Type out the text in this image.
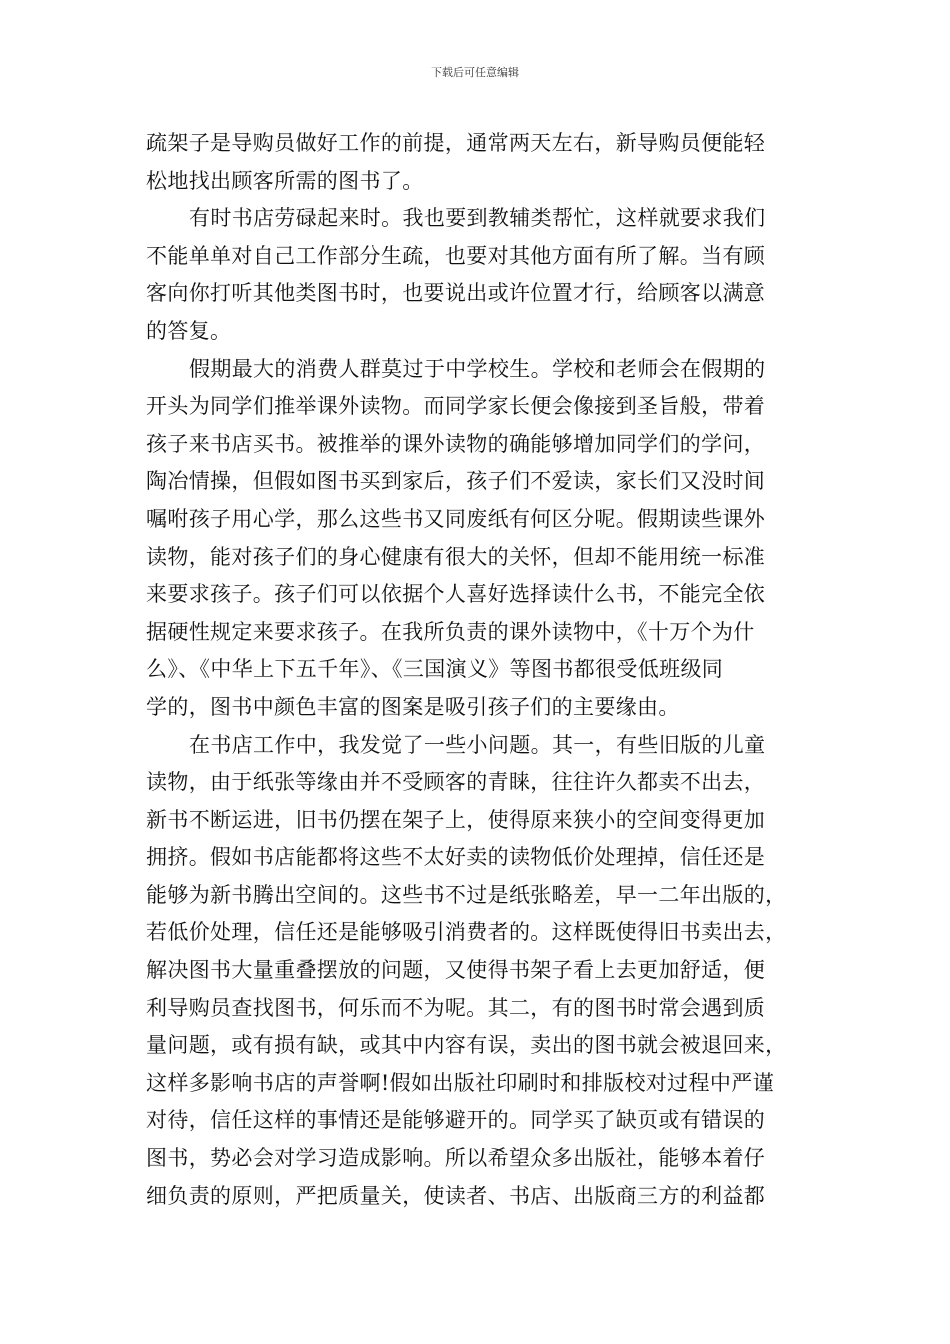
下载后可任意编辑
疏架子是导购员做好工作的前提，通常两天左右，新导购员便能轻
松地找出顾客所需的图书了。
有时书店劳碌起来时。我也要到教辅类帮忙，这样就要求我们
不能单单对自己工作部分生疏，也要对其他方面有所了解。当有顾
客向你打听其他类图书时，也要说出或许位置才行，给顾客以满意
的答复。
假期最大的消费人群莫过于中学校生。学校和老师会在假期的
开头为同学们推举课外读物。而同学家长便会像接到圣旨般，带着
孩子来书店买书。被推举的课外读物的确能够增加同学们的学问，
陶冶情操，但假如图书买到家后，孩子们不爱读，家长们又没时间
嘱咐孩子用心学，那么这些书又同废纸有何区分呢。假期读些课外
读物，能对孩子们的身心健康有很大的关怀，但却不能用统一标准
来要求孩子。孩子们可以依据个人喜好选择读什么书，不能完全依
据硬性规定来要求孩子。在我所负责的课外读物中，《十万个为什
么》、《中华上下五千年》、《三国演义》等图书都很受低班级同
学的，图书中颜色丰富的图案是吸引孩子们的主要缘由。
在书店工作中，我发觉了一些小问题。其一，有些旧版的儿童
读物，由于纸张等缘由并不受顾客的青睐，往往许久都卖不出去，
新书不断运进，旧书仍摆在架子上，使得原来狭小的空间变得更加
拥挤。假如书店能都将这些不太好卖的读物低价处理掉，信任还是
能够为新书腾出空间的。这些书不过是纸张略差，早一二年出版的，
若低价处理，信任还是能够吸引消费者的。这样既使得旧书卖出去，
解决图书大量重叠摆放的问题，又使得书架子看上去更加舒适，便
利导购员查找图书，何乐而不为呢。其二，有的图书时常会遇到质
量问题，或有损有缺，或其中内容有误，卖出的图书就会被退回来，
这样多影响书店的声誉啊!假如出版社印刷时和排版校对过程中严谨
对待，信任这样的事情还是能够避开的。同学买了缺页或有错误的
图书，势必会对学习造成影响。所以希望众多出版社，能够本着仔
细负责的原则，严把质量关，使读者、书店、出版商三方的利益都
